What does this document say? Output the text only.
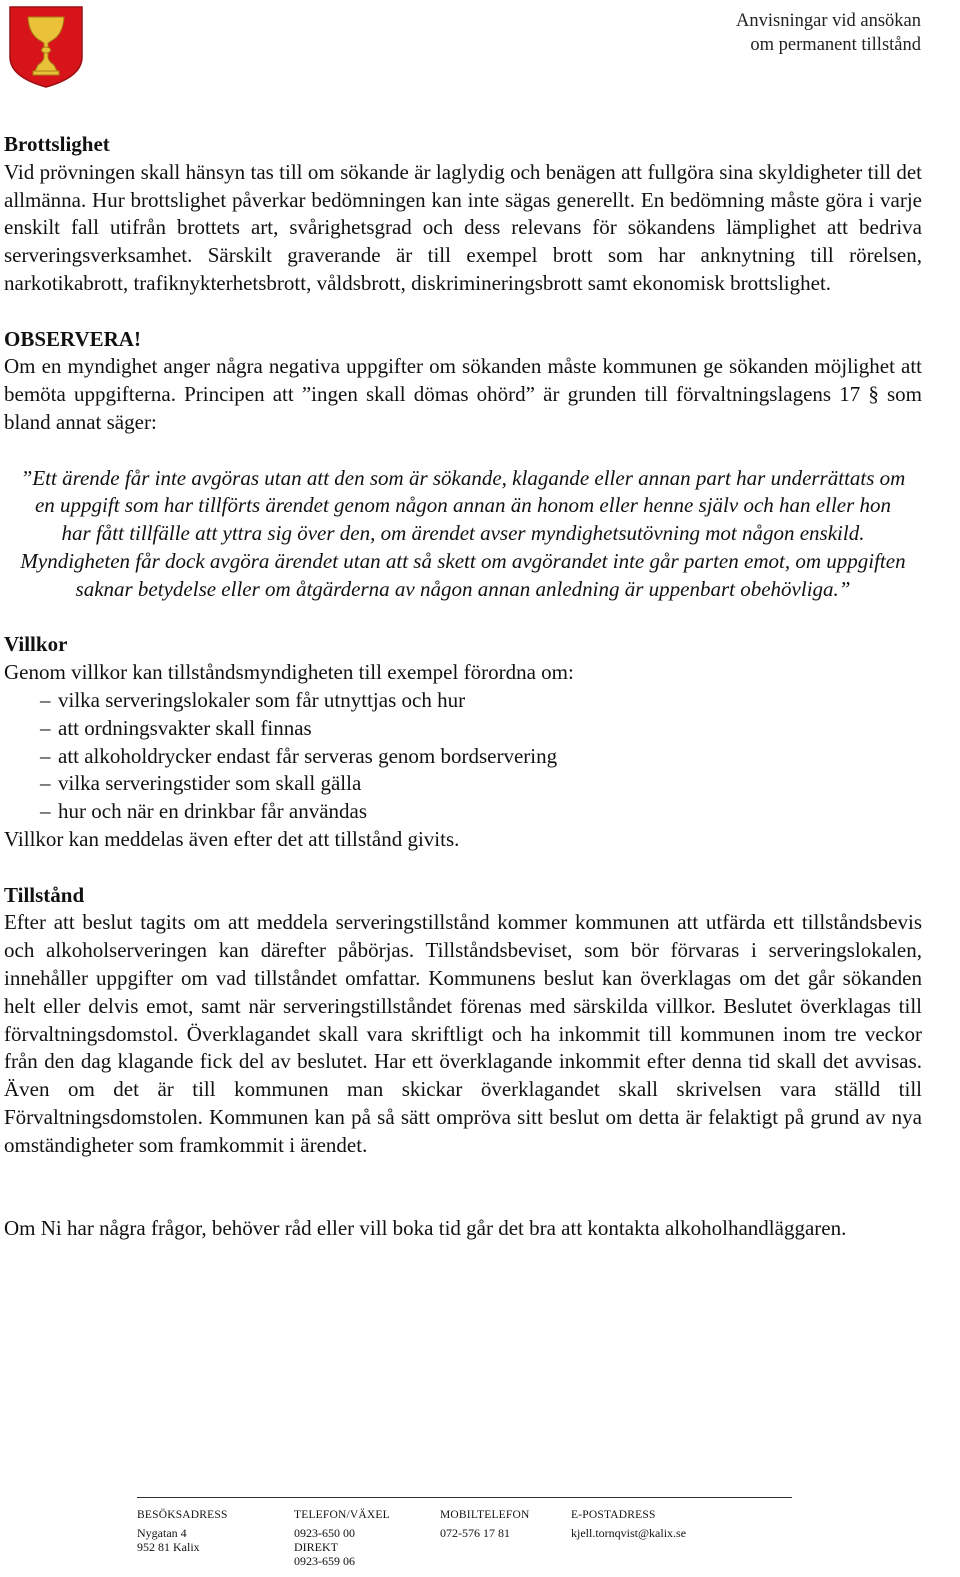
Anvisningar vid ansökan
om permanent tillstånd

Brottslighet

Vid prövningen skall hänsyn tas till om sökande är laglydig och benägen att fullgöra sina skyldigheter till det allmänna. Hur brottslighet påverkar bedömningen kan inte sägas generellt. En bedömning måste göra i varje enskilt fall utifrån brottets art, svårighetsgrad och dess relevans för sökandens lämplighet att bedriva serveringsverksamhet. Särskilt graverande är till exempel brott som har anknytning till rörelsen, narkotikabrott, trafiknykterhetsbrott, våldsbrott, diskrimineringsbrott samt ekonomisk brottslighet.

OBSERVERA!

Om en myndighet anger några negativa uppgifter om sökanden måste kommunen ge sökanden möjlighet att bemöta uppgifterna. Principen att ”ingen skall dömas ohörd” är grunden till förvaltningslagens 17 § som bland annat säger:

”Ett ärende får inte avgöras utan att den som är sökande, klagande eller annan part har underrättats om en uppgift som har tillförts ärendet genom någon annan än honom eller henne själv och han eller hon har fått tillfälle att yttra sig över den, om ärendet avser myndighetsutövning mot någon enskild. Myndigheten får dock avgöra ärendet utan att så skett om avgörandet inte går parten emot, om uppgiften saknar betydelse eller om åtgärderna av någon annan anledning är uppenbart obehövliga.”

Villkor

Genom villkor kan tillståndsmyndigheten till exempel förordna om:

– vilka serveringslokaler som får utnyttjas och hur
– att ordningsvakter skall finnas
– att alkoholdrycker endast får serveras genom bordservering
– vilka serveringstider som skall gälla
– hur och när en drinkbar får användas

Villkor kan meddelas även efter det att tillstånd givits.

Tillstånd

Efter att beslut tagits om att meddela serveringstillstånd kommer kommunen att utfärda ett tillståndsbevis och alkoholserveringen kan därefter påbörjas. Tillståndsbeviset, som bör förvaras i serveringslokalen, innehåller uppgifter om vad tillståndet omfattar. Kommunens beslut kan överklagas om det går sökanden helt eller delvis emot, samt när serveringstillståndet förenas med särskilda villkor. Beslutet överklagas till förvaltningsdomstol. Överklagandet skall vara skriftligt och ha inkommit till kommunen inom tre veckor från den dag klagande fick del av beslutet. Har ett överklagande inkommit efter denna tid skall det avvisas. Även om det är till kommunen man skickar överklagandet skall skrivelsen vara ställd till Förvaltningsdomstolen. Kommunen kan på så sätt ompröva sitt beslut om detta är felaktigt på grund av nya omständigheter som framkommit i ärendet.

Om Ni har några frågor, behöver råd eller vill boka tid går det bra att kontakta alkoholhandläggaren.

BESÖKSADRESS
Nygatan 4
952 81 Kalix
TELEFON/VÄXEL
0923-650 00
DIREKT
0923-659 06
MOBILTELEFON
072-576 17 81
E-POSTADRESS
kjell.tornqvist@kalix.se
